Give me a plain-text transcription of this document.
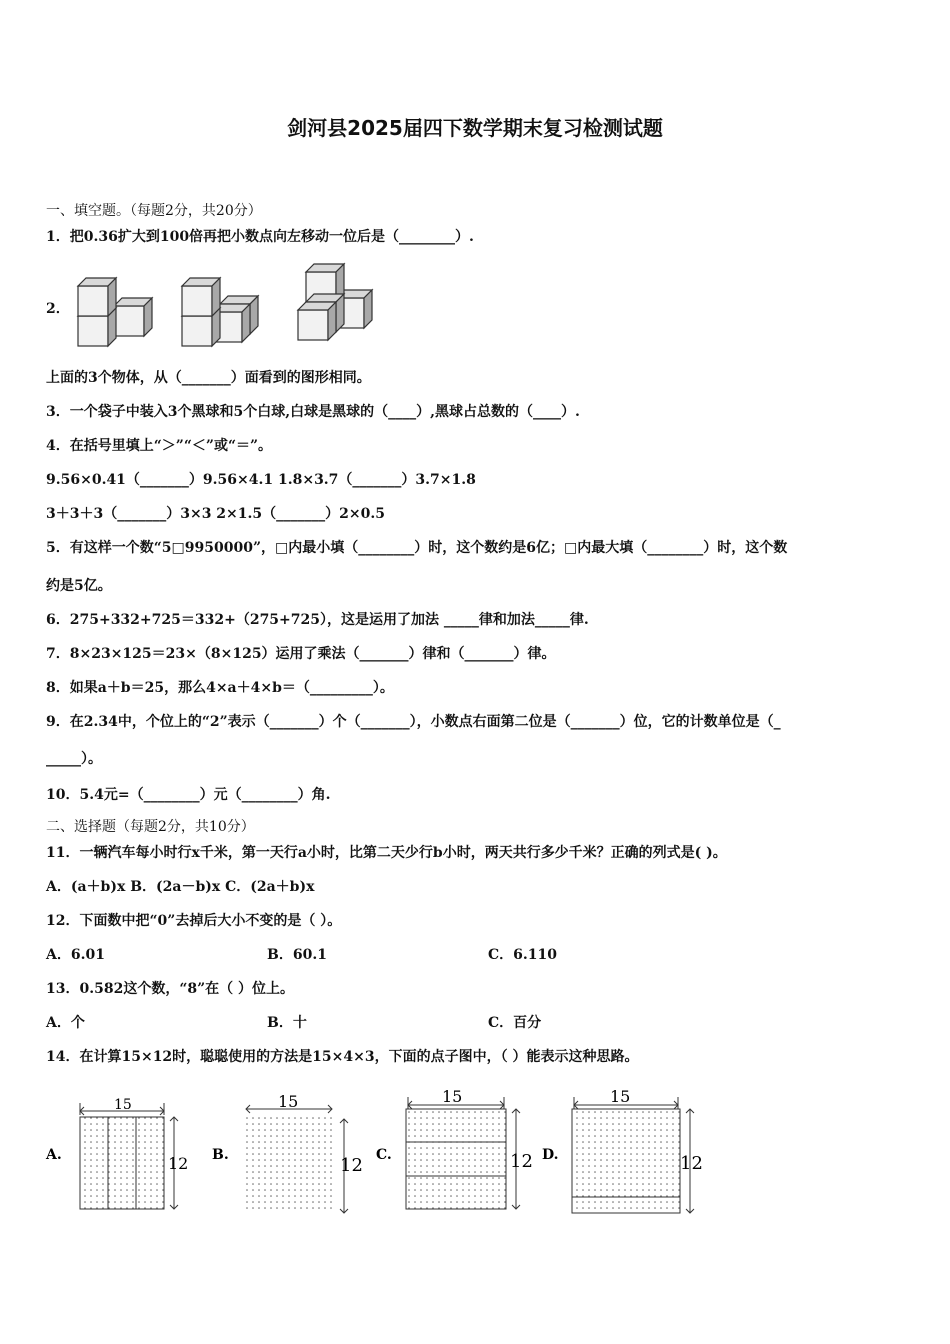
剑河县2025届四下数学期末复习检测试题
一、填空题。（每题2分，共20分）
1．把0.36扩大到100倍再把小数点向左移动一位后是（________）.
2．
上面的3个物体，从（_______）面看到的图形相同。
3．一个袋子中装入3个黑球和5个白球,白球是黑球的（____）,黑球占总数的（____）.
4．在括号里填上“＞”“＜”或“＝”。
9.56×0.41（_______）9.56×4.1 1.8×3.7（_______）3.7×1.8
3＋3＋3（_______）3×3 2×1.5（_______）2×0.5
5．有这样一个数“5□9950000”，□内最小填（________）时，这个数约是6亿；□内最大填（________）时，这个数
约是5亿。
6．275+332+725＝332+（275+725），这是运用了加法 _____律和加法_____律.
7．8×23×125＝23×（8×125）运用了乘法（_______）律和（_______）律。
8．如果a＋b＝25，那么4×a＋4×b＝（_________）。
9．在2.34中，个位上的“2”表示（_______）个（_______），小数点右面第二位是（_______）位，它的计数单位是（_
_____）。
10．5.4元=（________）元（________）角.
二、选择题（每题2分，共10分）
11．一辆汽车每小时行x千米，第一天行a小时，比第二天少行b小时，两天共行多少千米？正确的列式是( )。
A．(a＋b)x B．(2a－b)x C．(2a＋b)x
12．下面数中把“0”去掉后大小不变的是（ ）。
A．6.01	B．60.1	C．6.110
13．0.582这个数，“8”在（ ）位上。
A．个	B．十	C．百分
14．在计算15×12时，聪聪使用的方法是15×4×3，下面的点子图中，（ ）能表示这种思路。
A.
15
12 B.
15
12 C.
15
12 D.
15
12
